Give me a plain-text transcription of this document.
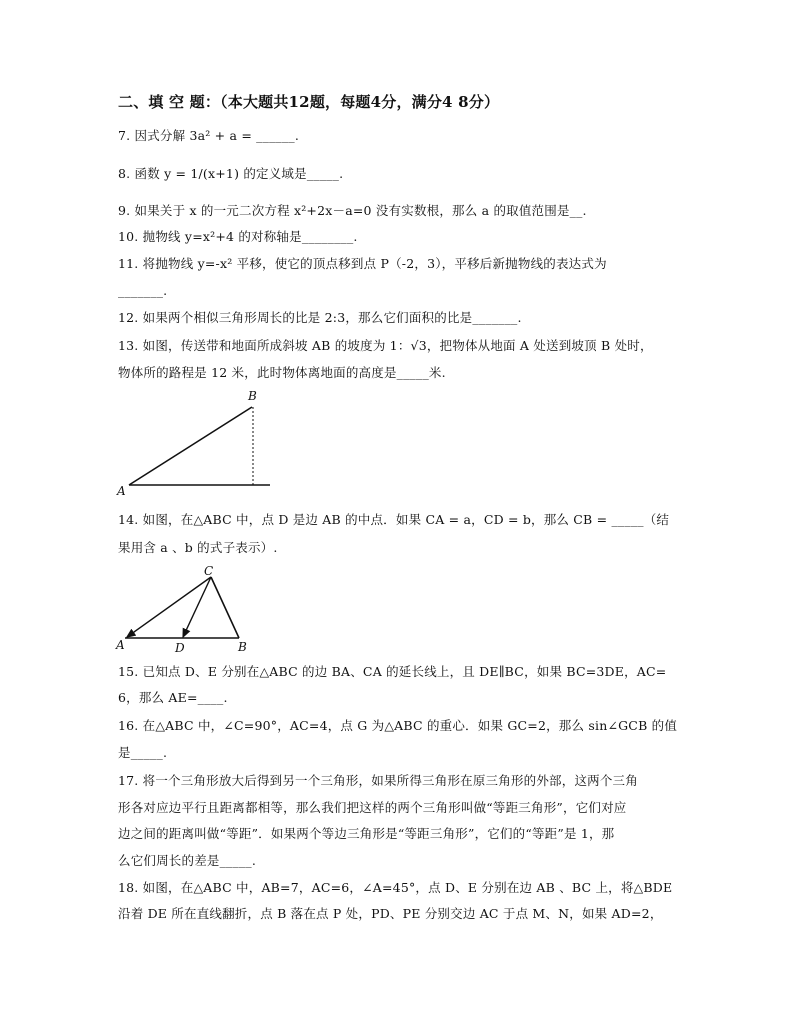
二、填 空 题：（本大题共12题，每题4分，满分4 8分）
7. 因式分解 3a² + a = ______.
8. 函数 y = 1/(x+1) 的定义域是_____.
9. 如果关于 x 的一元二次方程 x²+2x－a=0 没有实数根，那么 a 的取值范围是__.
10. 抛物线 y=x²+4 的对称轴是________.
11. 将抛物线 y=-x² 平移，使它的顶点移到点 P（-2，3），平移后新抛物线的表达式为
_______.
12. 如果两个相似三角形周长的比是 2:3，那么它们面积的比是_______.
13. 如图，传送带和地面所成斜坡 AB 的坡度为 1：√3，把物体从地面 A 处送到坡顶 B 处时，
物体所的路程是 12 米，此时物体离地面的高度是_____米.
A
B
14. 如图，在△ABC 中，点 D 是边 AB 的中点．如果 CA = a，CD = b，那么 CB = _____（结
果用含 a 、b 的式子表示）.
A	B
C
D
15. 已知点 D、E 分别在△ABC 的边 BA、CA 的延长线上，且 DE∥BC，如果 BC=3DE，AC=
6，那么 AE=____.
16. 在△ABC 中，∠C=90°，AC=4，点 G 为△ABC 的重心．如果 GC=2，那么 sin∠GCB 的值
是_____.
17. 将一个三角形放大后得到另一个三角形，如果所得三角形在原三角形的外部，这两个三角
形各对应边平行且距离都相等，那么我们把这样的两个三角形叫做“等距三角形”，它们对应
边之间的距离叫做“等距”．如果两个等边三角形是“等距三角形”，它们的“等距”是 1，那
么它们周长的差是_____.
18. 如图，在△ABC 中，AB=7，AC=6，∠A=45°，点 D、E 分别在边 AB 、BC 上，将△BDE
沿着 DE 所在直线翻折，点 B 落在点 P 处，PD、PE 分别交边 AC 于点 M、N，如果 AD=2，
